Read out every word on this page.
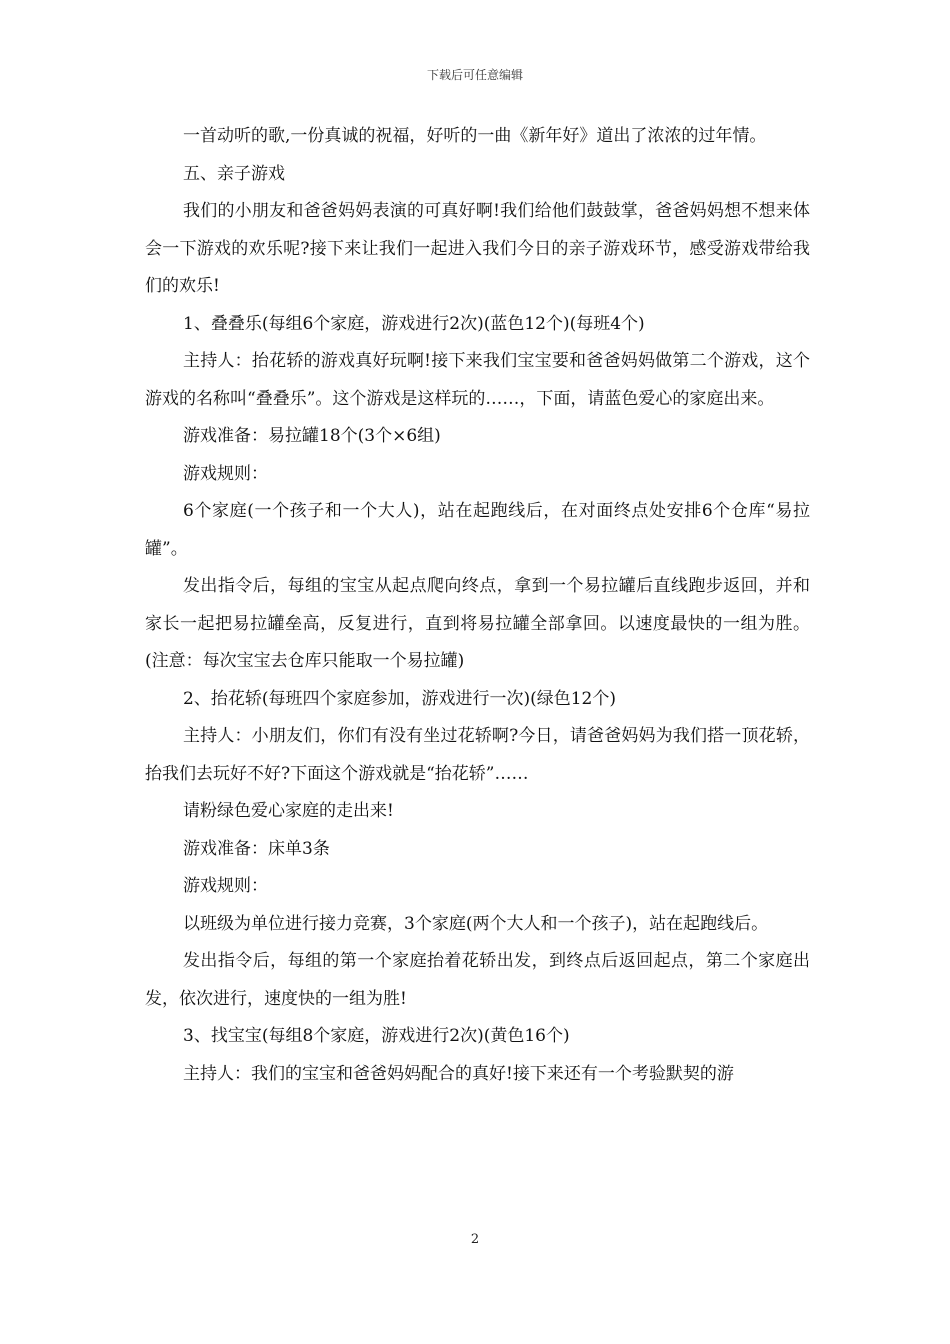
下载后可任意编辑

一首动听的歌,一份真诚的祝福，好听的一曲《新年好》道出了浓浓的过年情。

五、亲子游戏

我们的小朋友和爸爸妈妈表演的可真好啊!我们给他们鼓鼓掌，爸爸妈妈想不想来体会一下游戏的欢乐呢?接下来让我们一起进入我们今日的亲子游戏环节，感受游戏带给我们的欢乐!

1、叠叠乐(每组6个家庭，游戏进行2次)(蓝色12个)(每班4个)

主持人：抬花轿的游戏真好玩啊!接下来我们宝宝要和爸爸妈妈做第二个游戏，这个游戏的名称叫“叠叠乐”。这个游戏是这样玩的……，下面，请蓝色爱心的家庭出来。

游戏准备：易拉罐18个(3个×6组)

游戏规则：

6个家庭(一个孩子和一个大人)，站在起跑线后，在对面终点处安排6个仓库“易拉罐”。

发出指令后，每组的宝宝从起点爬向终点，拿到一个易拉罐后直线跑步返回，并和家长一起把易拉罐垒高，反复进行，直到将易拉罐全部拿回。以速度最快的一组为胜。(注意：每次宝宝去仓库只能取一个易拉罐)

2、抬花轿(每班四个家庭参加，游戏进行一次)(绿色12个)

主持人：小朋友们，你们有没有坐过花轿啊?今日，请爸爸妈妈为我们搭一顶花轿，抬我们去玩好不好?下面这个游戏就是“抬花轿”……

请粉绿色爱心家庭的走出来!

游戏准备：床单3条

游戏规则：

以班级为单位进行接力竞赛，3个家庭(两个大人和一个孩子)，站在起跑线后。

发出指令后，每组的第一个家庭抬着花轿出发，到终点后返回起点，第二个家庭出发，依次进行，速度快的一组为胜!

3、找宝宝(每组8个家庭，游戏进行2次)(黄色16个)

主持人：我们的宝宝和爸爸妈妈配合的真好!接下来还有一个考验默契的游

2
